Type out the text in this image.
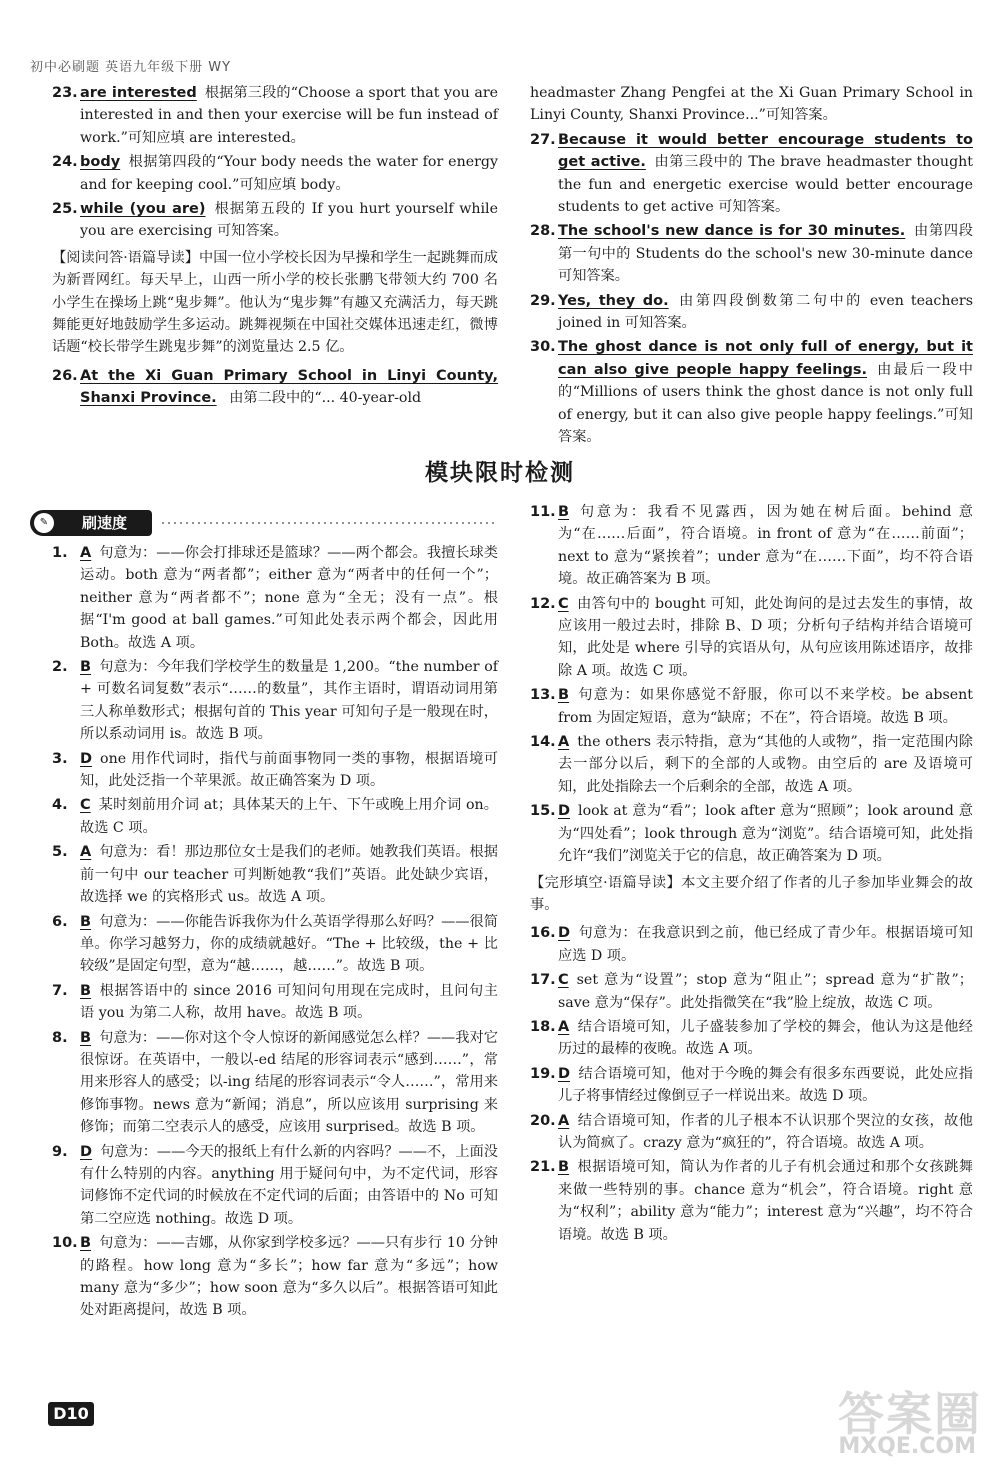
初中必刷题 英语九年级下册 WY
23. are interested 根据第三段的“Choose a sport that you are interested in and then your exercise will be fun instead of work.”可知应填 are interested。
24. body 根据第四段的“Your body needs the water for energy and for keeping cool.”可知应填 body。
25. while (you are) 根据第五段的 If you hurt yourself while you are exercising 可知答案。
【阅读问答·语篇导读】中国一位小学校长因为早操和学生一起跳舞而成为新晋网红。每天早上，山西一所小学的校长张鹏飞带领大约 700 名小学生在操场上跳“鬼步舞”。他认为“鬼步舞”有趣又充满活力，每天跳舞能更好地鼓励学生多运动。跳舞视频在中国社交媒体迅速走红，微博话题“校长带学生跳鬼步舞”的浏览量达 2.5 亿。
26. At the Xi Guan Primary School in Linyi County, Shanxi Province. 由第二段中的“... 40-year-old
headmaster Zhang Pengfei at the Xi Guan Primary School in Linyi County, Shanxi Province...”可知答案。
27. Because it would better encourage students to get active. 由第三段中的 The brave headmaster thought the fun and energetic exercise would better encourage students to get active 可知答案。
28. The school's new dance is for 30 minutes. 由第四段第一句中的 Students do the school's new 30-minute dance 可知答案。
29. Yes, they do. 由第四段倒数第二句中的 even teachers joined in 可知答案。
30. The ghost dance is not only full of energy, but it can also give people happy feelings. 由最后一段中的“Millions of users think the ghost dance is not only full of energy, but it can also give people happy feelings.”可知答案。
模块限时检测
✎	刷速度
1. A 句意为：——你会打排球还是篮球？——两个都会。我擅长球类运动。both 意为“两者都”；either 意为“两者中的任何一个”；neither 意为“两者都不”；none 意为“全无；没有一点”。根据“I'm good at ball games.”可知此处表示两个都会，因此用 Both。故选 A 项。
2. B 句意为：今年我们学校学生的数量是 1,200。“the number of + 可数名词复数”表示“……的数量”，其作主语时，谓语动词用第三人称单数形式；根据句首的 This year 可知句子是一般现在时，所以系动词用 is。故选 B 项。
3. D one 用作代词时，指代与前面事物同一类的事物，根据语境可知，此处泛指一个苹果派。故正确答案为 D 项。
4. C 某时刻前用介词 at；具体某天的上午、下午或晚上用介词 on。故选 C 项。
5. A 句意为：看！那边那位女士是我们的老师。她教我们英语。根据前一句中 our teacher 可判断她教“我们”英语。此处缺少宾语，故选择 we 的宾格形式 us。故选 A 项。
6. B 句意为：——你能告诉我你为什么英语学得那么好吗？——很简单。你学习越努力，你的成绩就越好。“The + 比较级，the + 比较级”是固定句型，意为“越……，越……”。故选 B 项。
7. B 根据答语中的 since 2016 可知问句用现在完成时，且问句主语 you 为第二人称，故用 have。故选 B 项。
8. B 句意为：——你对这个令人惊讶的新闻感觉怎么样？——我对它很惊讶。在英语中，一般以-ed 结尾的形容词表示“感到……”，常用来形容人的感受；以-ing 结尾的形容词表示“令人……”，常用来修饰事物。news 意为“新闻；消息”，所以应该用 surprising 来修饰；而第二空表示人的感受，应该用 surprised。故选 B 项。
9. D 句意为：——今天的报纸上有什么新的内容吗？——不，上面没有什么特别的内容。anything 用于疑问句中，为不定代词，形容词修饰不定代词的时候放在不定代词的后面；由答语中的 No 可知第二空应选 nothing。故选 D 项。
10. B 句意为：——吉娜，从你家到学校多远？——只有步行 10 分钟的路程。how long 意为“多长”；how far 意为“多远”；how many 意为“多少”；how soon 意为“多久以后”。根据答语可知此处对距离提问，故选 B 项。
11. B 句意为：我看不见露西，因为她在树后面。behind 意为“在……后面”，符合语境。in front of 意为“在……前面”；next to 意为“紧挨着”；under 意为“在……下面”，均不符合语境。故正确答案为 B 项。
12. C 由答句中的 bought 可知，此处询问的是过去发生的事情，故应该用一般过去时，排除 B、D 项；分析句子结构并结合语境可知，此处是 where 引导的宾语从句，从句应该用陈述语序，故排除 A 项。故选 C 项。
13. B 句意为：如果你感觉不舒服，你可以不来学校。be absent from 为固定短语，意为“缺席；不在”，符合语境。故选 B 项。
14. A the others 表示特指，意为“其他的人或物”，指一定范围内除去一部分以后，剩下的全部的人或物。由空后的 are 及语境可知，此处指除去一个后剩余的全部，故选 A 项。
15. D look at 意为“看”；look after 意为“照顾”；look around 意为“四处看”；look through 意为“浏览”。结合语境可知，此处指允许“我们”浏览关于它的信息，故正确答案为 D 项。
【完形填空·语篇导读】本文主要介绍了作者的儿子参加毕业舞会的故事。
16. D 句意为：在我意识到之前，他已经成了青少年。根据语境可知应选 D 项。
17. C set 意为“设置”；stop 意为“阻止”；spread 意为“扩散”；save 意为“保存”。此处指微笑在“我”脸上绽放，故选 C 项。
18. A 结合语境可知，儿子盛装参加了学校的舞会，他认为这是他经历过的最棒的夜晚。故选 A 项。
19. D 结合语境可知，他对于今晚的舞会有很多东西要说，此处应指儿子将事情经过像倒豆子一样说出来。故选 D 项。
20. A 结合语境可知，作者的儿子根本不认识那个哭泣的女孩，故他认为简疯了。crazy 意为“疯狂的”，符合语境。故选 A 项。
21. B 根据语境可知，简认为作者的儿子有机会通过和那个女孩跳舞来做一些特别的事。chance 意为“机会”，符合语境。right 意为“权利”；ability 意为“能力”；interest 意为“兴趣”，均不符合语境。故选 B 项。
D10	答案圈
MXQE.COM
